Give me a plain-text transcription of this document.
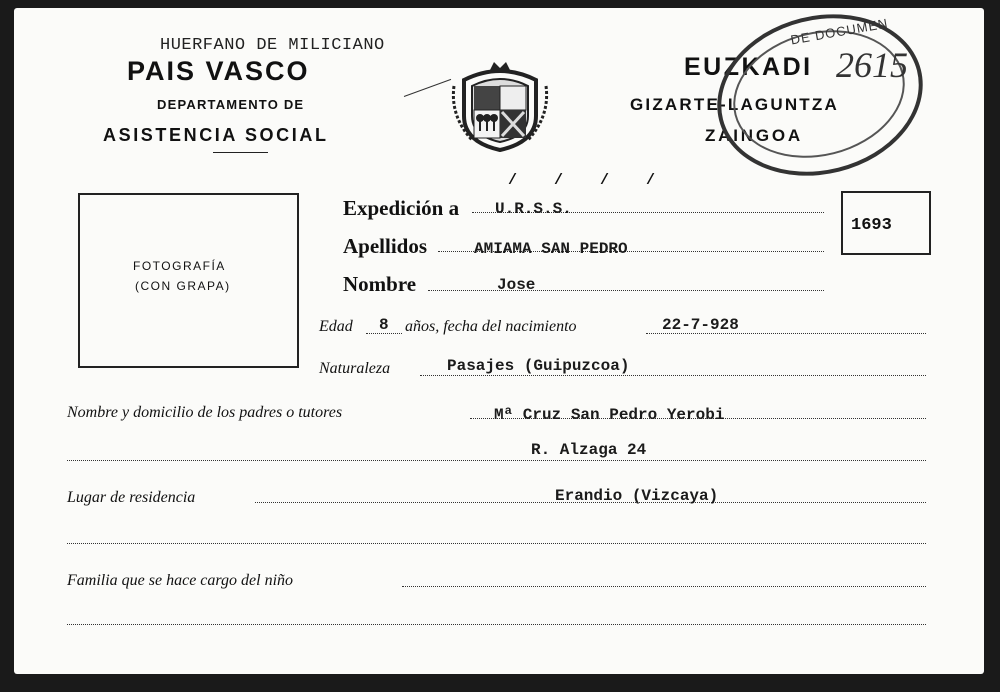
HUERFANO DE MILICIANO
PAIS VASCO
DEPARTAMENTO DE
ASISTENCIA SOCIAL
EUZKADI
GIZARTE-LAGUNTZA
ZAINGOA
DE DOCUMEN
2615
FOTOGRAFÍA
(CON GRAPA)
1693
Expedición a U.R.S.S.
/ / / /
Apellidos	AMIAMA SAN PEDRO
Nombre	Jose
Edad 8 años, fecha del nacimiento	22-7-928
Naturaleza	Pasajes (Guipuzcoa)
Nombre y domicilio de los padres o tutores	Mª Cruz San Pedro Yerobi
R. Alzaga 24
Lugar de residencia	Erandio (Vizcaya)
Familia que se hace cargo del niño
